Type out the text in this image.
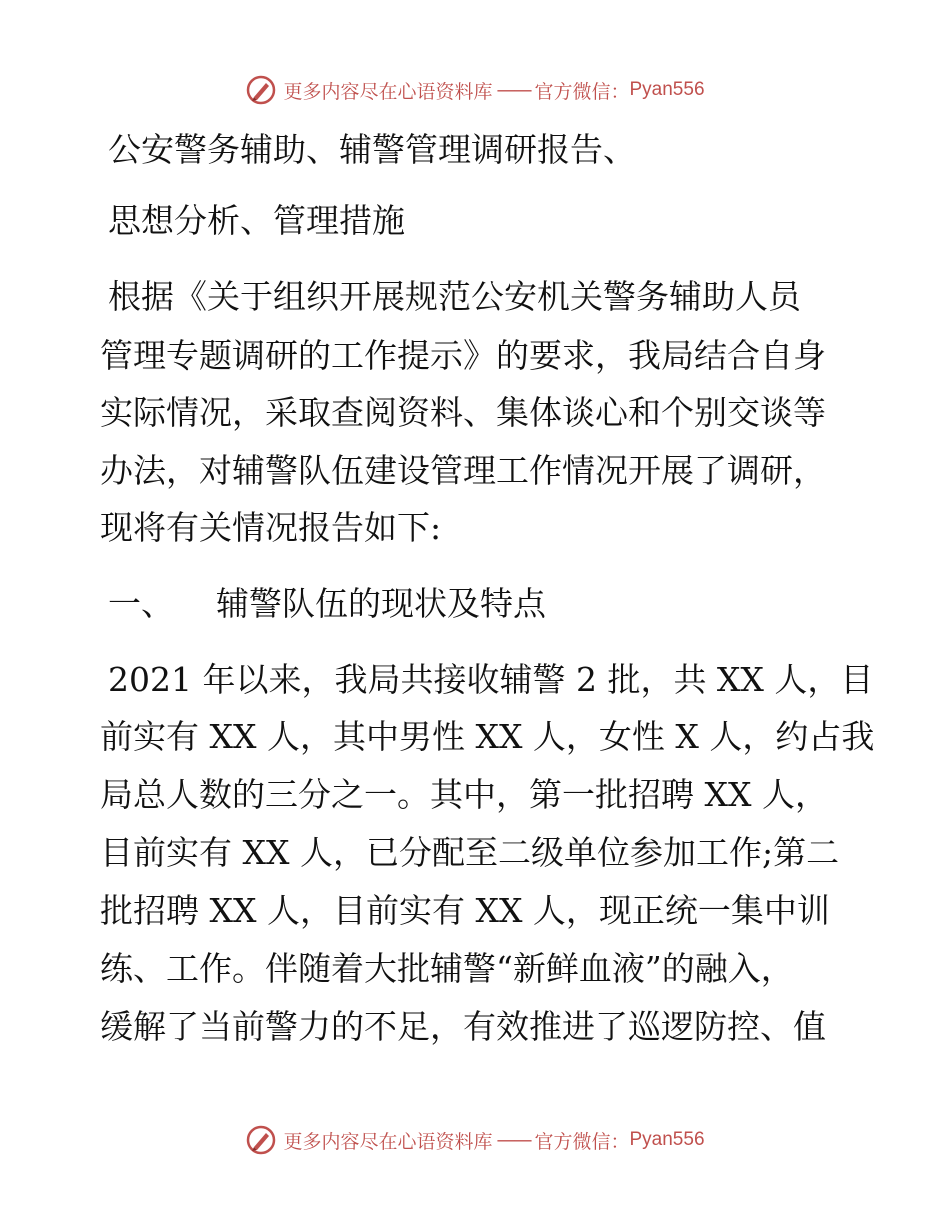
更多内容尽在心语资料库 —— 官方微信： Pyan556
公安警务辅助、辅警管理调研报告、
思想分析、管理措施
根据《关于组织开展规范公安机关警务辅助人员
管理专题调研的工作提示》的要求，我局结合自身
实际情况，采取查阅资料、集体谈心和个别交谈等
办法，对辅警队伍建设管理工作情况开展了调研，
现将有关情况报告如下:
一、 辅警队伍的现状及特点
2021 年以来，我局共接收辅警 2 批，共 XX 人，目
前实有 XX 人，其中男性 XX 人，女性 X 人，约占我
局总人数的三分之一。其中，第一批招聘 XX 人，
目前实有 XX 人，已分配至二级单位参加工作;第二
批招聘 XX 人，目前实有 XX 人，现正统一集中训
练、工作。伴随着大批辅警“新鲜血液”的融入，
缓解了当前警力的不足，有效推进了巡逻防控、值
更多内容尽在心语资料库 —— 官方微信： Pyan556
